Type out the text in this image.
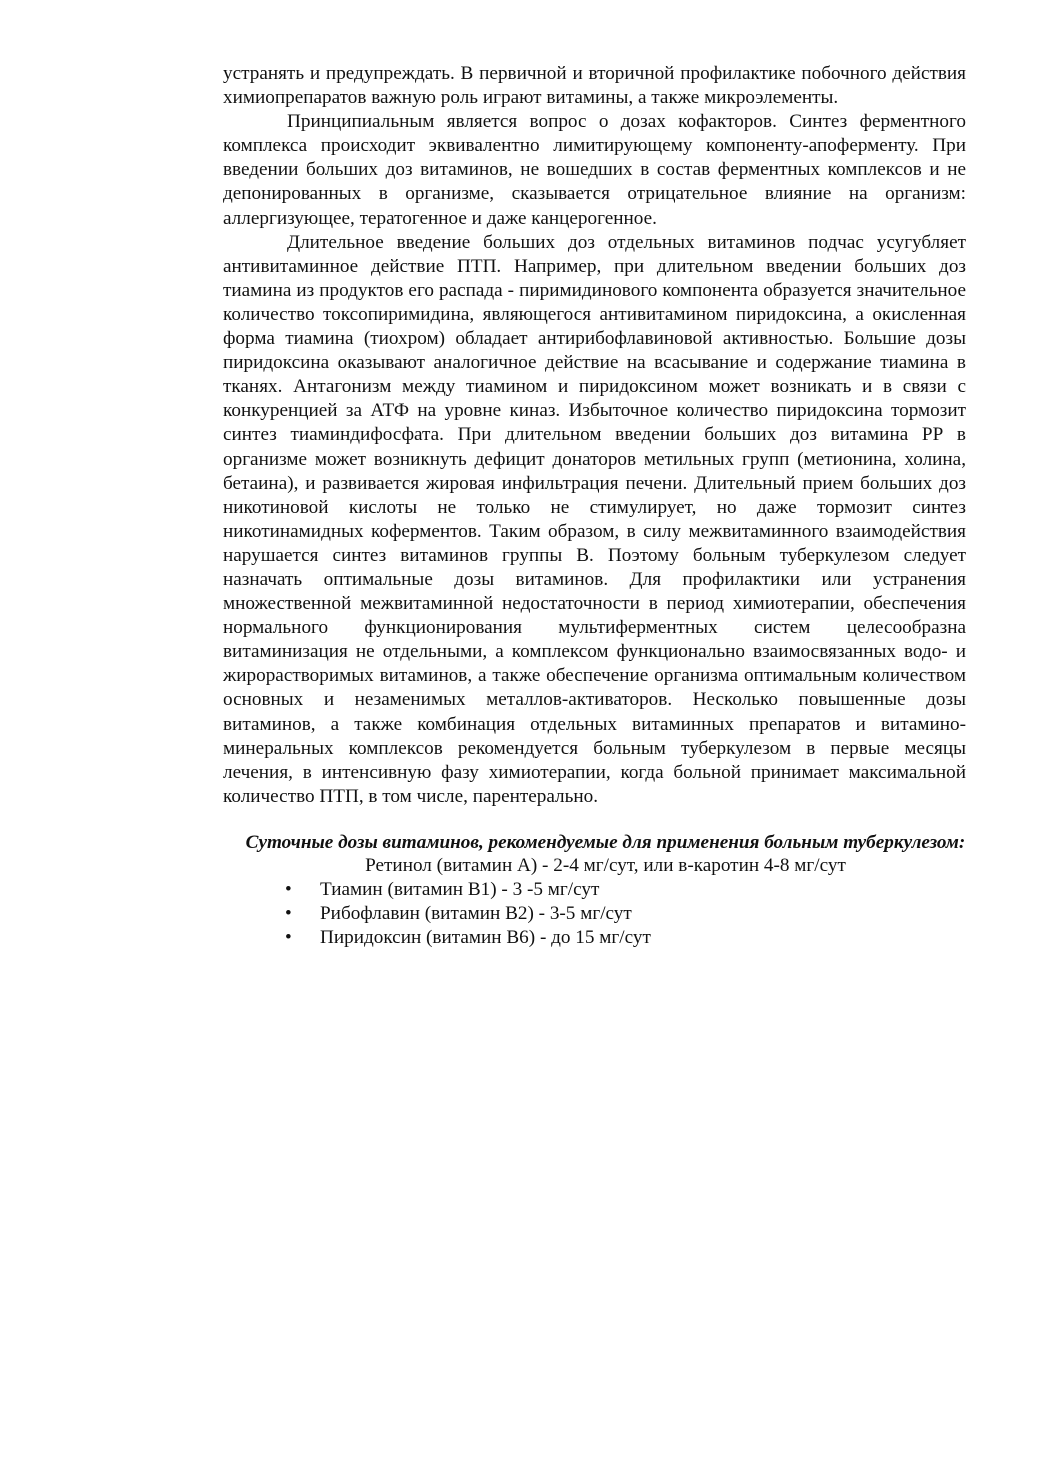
устранять и предупреждать. В первичной и вторичной профилактике побочного действия химиопрепаратов важную роль играют витамины, а также микроэлементы.

Принципиальным является вопрос о дозах кофакторов. Синтез ферментного комплекса происходит эквивалентно лимитирующему компоненту-апоферменту. При введении больших доз витаминов, не вошедших в состав ферментных комплексов и не депонированных в организме, сказывается отрицательное влияние на организм: аллергизующее, тератогенное и даже канцерогенное.

Длительное введение больших доз отдельных витаминов подчас усугубляет антивитаминное действие ПТП. Например, при длительном введении больших доз тиамина из продуктов его распада - пиримидинового компонента образуется значительное количество токсопиримидина, являющегося антивитамином пиридоксина, а окисленная форма тиамина (тиохром) обладает антирибофлавиновой активностью. Большие дозы пиридоксина оказывают аналогичное действие на всасывание и содержание тиамина в тканях. Антагонизм между тиамином и пиридоксином может возникать и в связи с конкуренцией за АТФ на уровне киназ. Избыточное количество пиридоксина тормозит синтез тиаминдифосфата. При длительном введении больших доз витамина РР в организме может возникнуть дефицит донаторов метильных групп (метионина, холина, бетаина), и развивается жировая инфильтрация печени. Длительный прием больших доз никотиновой кислоты не только не стимулирует, но даже тормозит синтез никотинамидных коферментов. Таким образом, в силу межвитаминного взаимодействия нарушается синтез витаминов группы В. Поэтому больным туберкулезом следует назначать оптимальные дозы витаминов. Для профилактики или устранения множественной межвитаминной недостаточности в период химиотерапии, обеспечения нормального функционирования мультиферментных систем целесообразна витаминизация не отдельными, а комплексом функционально взаимосвязанных водо- и жирорастворимых витаминов, а также обеспечение организма оптимальным количеством основных и незаменимых металлов-активаторов. Несколько повышенные дозы витаминов, а также комбинация отдельных витаминных препаратов и витамино-минеральных комплексов рекомендуется больным туберкулезом в первые месяцы лечения, в интенсивную фазу химиотерапии, когда больной принимает максимальной количество ПТП, в том числе, парентерально.

Суточные дозы витаминов, рекомендуемые для применения больным туберкулезом:

Ретинол (витамин А) - 2-4 мг/сут, или в-каротин 4-8 мг/сут

• Тиамин (витамин В1) - 3 -5 мг/сут
• Рибофлавин (витамин В2) - 3-5 мг/сут
• Пиридоксин (витамин В6) - до 15 мг/сут
